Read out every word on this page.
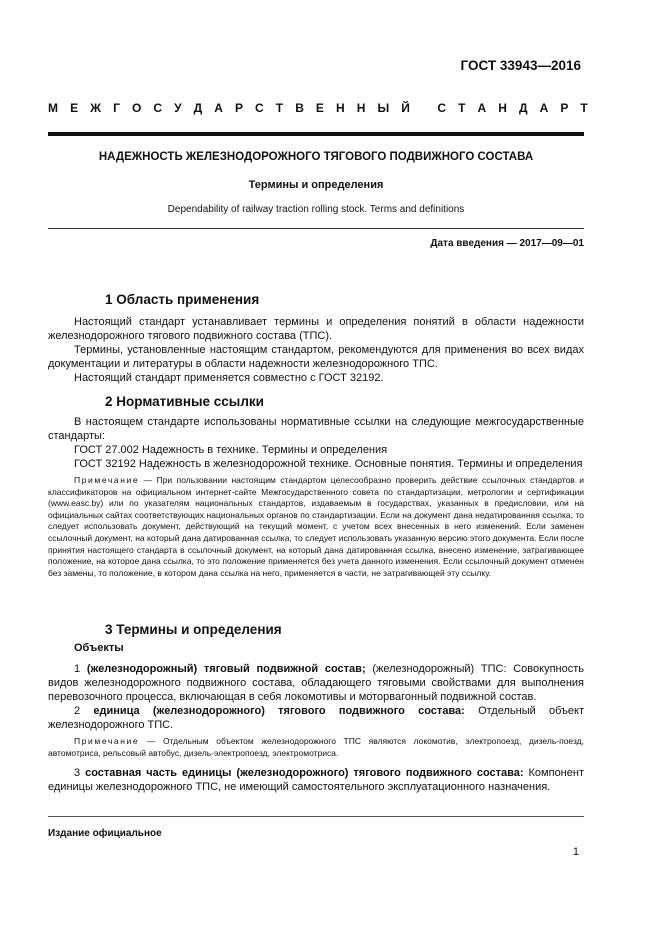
ГОСТ 33943—2016
М Е Ж Г О С У Д А Р С Т В Е Н Н Ы Й
С Т А Н Д А Р Т
НАДЕЖНОСТЬ ЖЕЛЕЗНОДОРОЖНОГО ТЯГОВОГО ПОДВИЖНОГО СОСТАВА
Термины и определения
Dependability of railway traction rolling stock. Terms and definitions
Дата введения — 2017—09—01
1 Область применения

Настоящий стандарт устанавливает термины и определения понятий в области надежности железнодорожного тягового подвижного состава (ТПС).

Термины, установленные настоящим стандартом, рекомендуются для применения во всех видах документации и литературы в области надежности железнодорожного ТПС.

Настоящий стандарт применяется совместно с ГОСТ 32192.

2 Нормативные ссылки

В настоящем стандарте использованы нормативные ссылки на следующие межгосударственные стандарты:

ГОСТ 27.002 Надежность в технике. Термины и определения

ГОСТ 32192 Надежность в железнодорожной технике. Основные понятия. Термины и определения

Примечание — При пользовании настоящим стандартом целесообразно проверить действие ссылочных стандартов и классификаторов на официальном интернет-сайте Межгосударственного совета по стандартизации, метрологии и сертификации (www.easc.by) или по указателям национальных стандартов, издаваемым в государствах, указанных в предисловии, или на официальных сайтах соответствующих национальных органов по стандартизации. Если на документ дана недатированная ссылка, то следует использовать документ, действующий на текущий момент, с учетом всех внесенных в него изменений. Если заменен ссылочный документ, на который дана датированная ссылка, то следует использовать указанную версию этого документа. Если после принятия настоящего стандарта в ссылочный документ, на который дана датированная ссылка, внесено изменение, затрагивающее положение, на которое дана ссылка, то это положение применяется без учета данного изменения. Если ссылочный документ отменен без замены, то положение, в котором дана ссылка на него, применяется в части, не затрагивающей эту ссылку.

3 Термины и определения
Объекты

1 (железнодорожный) тяговый подвижной состав; (железнодорожный) ТПС: Совокупность видов железнодорожного подвижного состава, обладающего тяговыми свойствами для выполнения перевозочного процесса, включающая в себя локомотивы и моторвагонный подвижной состав.

2 единица (железнодорожного) тягового подвижного состава: Отдельный объект железнодорожного ТПС.

Примечание — Отдельным объектом железнодорожного ТПС являются локомотив, электропоезд, дизель-поезд, автомотриса, рельсовый автобус, дизель-электропоезд, электромотриса.

3 составная часть единицы (железнодорожного) тягового подвижного состава: Компонент единицы железнодорожного ТПС, не имеющий самостоятельного эксплуатационного назначения.

Издание официальное
1
